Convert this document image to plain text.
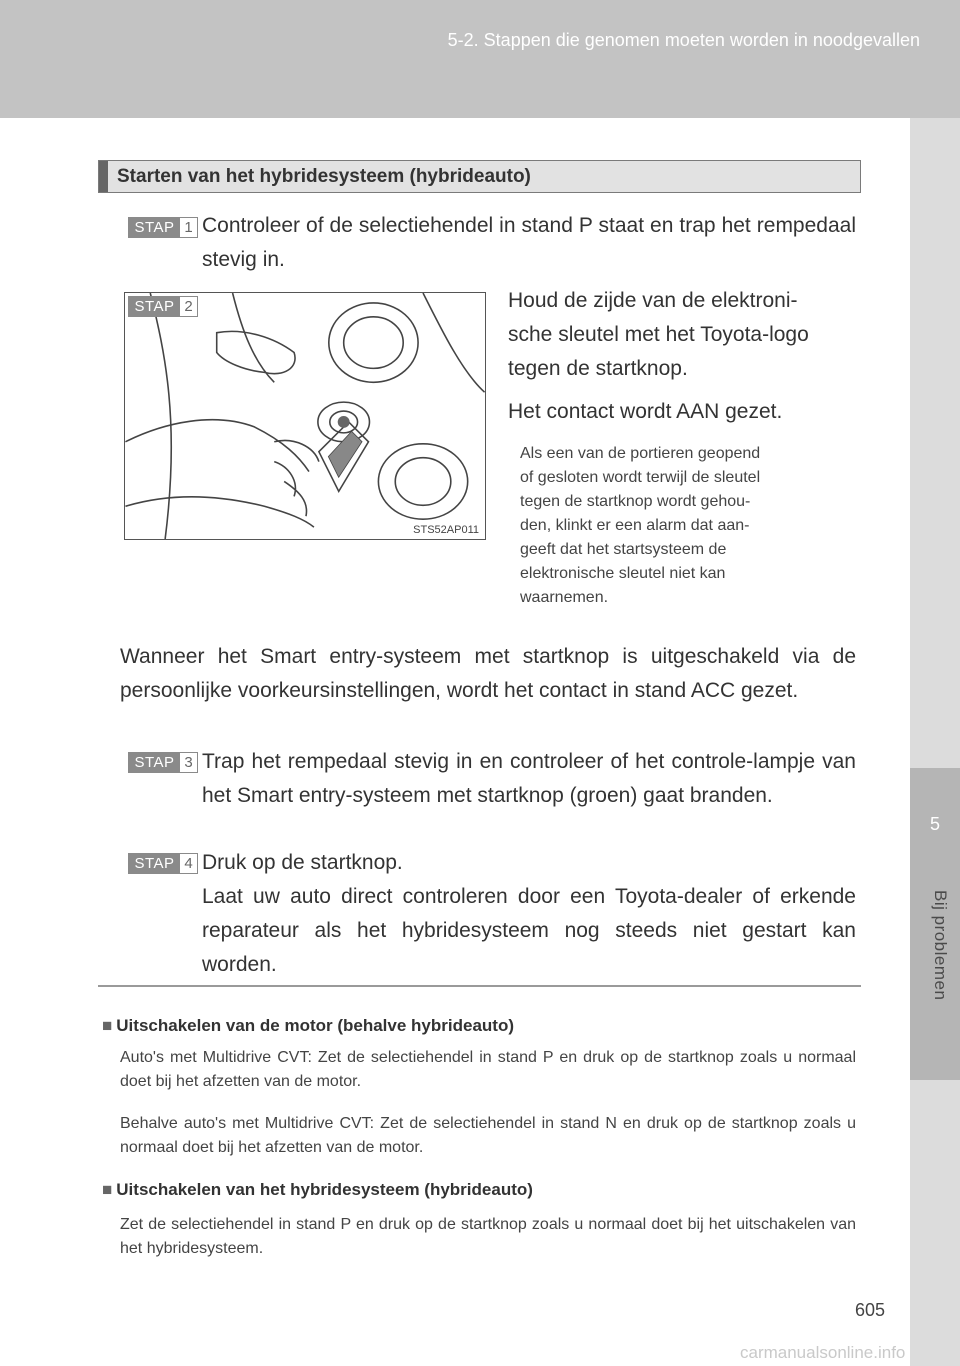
5-2. Stappen die genomen moeten worden in noodgevallen
5
Bij problemen
Starten van het hybridesysteem (hybrideauto)
STAP 1 Controleer of de selectiehendel in stand P staat en trap het rempedaal stevig in.
STS52AP011
STAP 2	Houd de zijde van de elektroni-
sche sleutel met het Toyota-logo
tegen de startknop.
Het contact wordt AAN gezet.
Als een van de portieren geopend
of gesloten wordt terwijl de sleutel
tegen de startknop wordt gehou-
den, klinkt er een alarm dat aan-
geeft dat het startsysteem de
elektronische sleutel niet kan
waarnemen.
Wanneer het Smart entry-systeem met startknop is uitgeschakeld via de persoonlijke voorkeursinstellingen, wordt het contact in stand ACC gezet.
STAP 3 Trap het rempedaal stevig in en controleer of het controle-lampje van het Smart entry-systeem met startknop (groen) gaat branden.
STAP 4 Druk op de startknop.
Laat uw auto direct controleren door een Toyota-dealer of erkende reparateur als het hybridesysteem nog steeds niet gestart kan worden.
■ Uitschakelen van de motor (behalve hybrideauto)
Auto's met Multidrive CVT: Zet de selectiehendel in stand P en druk op de startknop zoals u normaal doet bij het afzetten van de motor.
Behalve auto's met Multidrive CVT: Zet de selectiehendel in stand N en druk op de startknop zoals u normaal doet bij het afzetten van de motor.
■ Uitschakelen van het hybridesysteem (hybrideauto)
Zet de selectiehendel in stand P en druk op de startknop zoals u normaal doet bij het uitschakelen van het hybridesysteem.
605
carmanualsonline.info
